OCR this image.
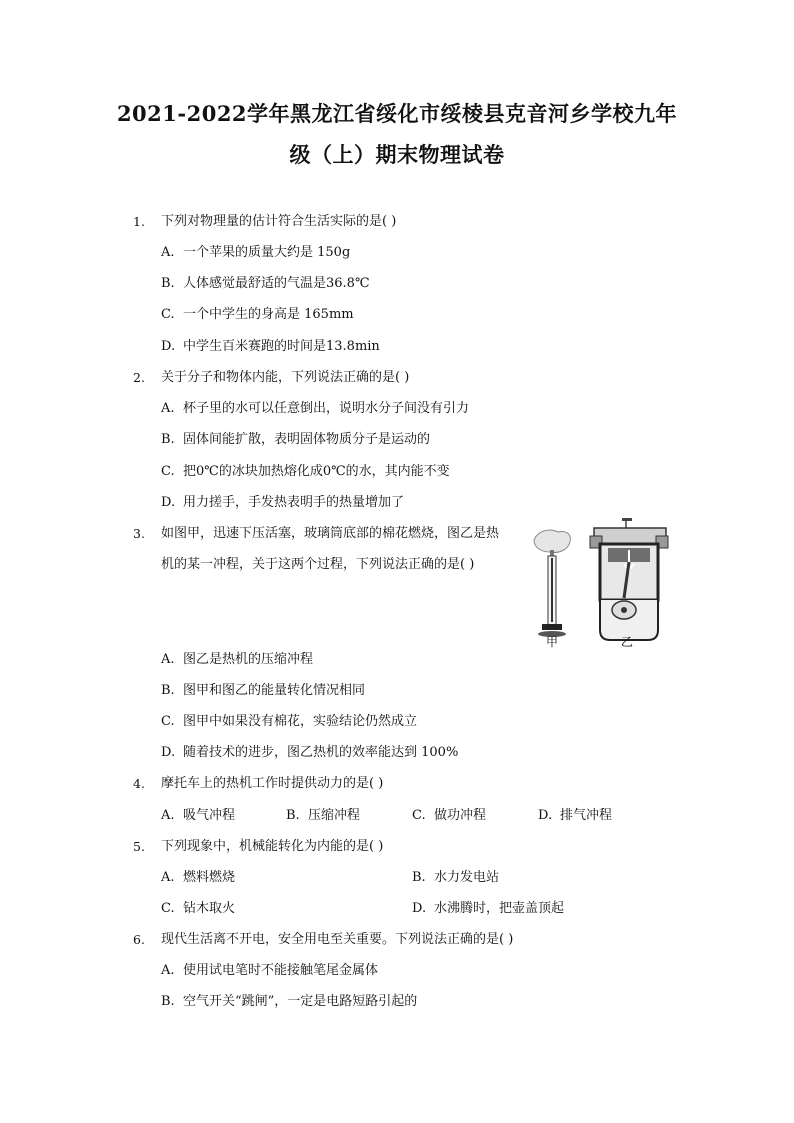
2021-2022学年黑龙江省绥化市绥棱县克音河乡学校九年
级（上）期末物理试卷
1. 下列对物理量的估计符合生活实际的是( )
A. 一个苹果的质量大约是 150g
B. 人体感觉最舒适的气温是36.8℃
C. 一个中学生的身高是 165mm
D. 中学生百米赛跑的时间是13.8min
2. 关于分子和物体内能，下列说法正确的是( )
A. 杯子里的水可以任意倒出，说明水分子间没有引力
B. 固体间能扩散，表明固体物质分子是运动的
C. 把0℃的冰块加热熔化成0℃的水，其内能不变
D. 用力搓手，手发热表明手的热量增加了
3. 如图甲，迅速下压活塞，玻璃筒底部的棉花燃烧，图乙是热
机的某一冲程，关于这两个过程，下列说法正确的是( )
甲	乙
A. 图乙是热机的压缩冲程
B. 图甲和图乙的能量转化情况相同
C. 图甲中如果没有棉花，实验结论仍然成立
D. 随着技术的进步，图乙热机的效率能达到 100%
4. 摩托车上的热机工作时提供动力的是( )
A. 吸气冲程	B. 压缩冲程	C. 做功冲程	D. 排气冲程
5. 下列现象中，机械能转化为内能的是( )
A. 燃料燃烧	B. 水力发电站
C. 钻木取火	D. 水沸腾时，把壶盖顶起
6. 现代生活离不开电，安全用电至关重要。下列说法正确的是( )
A. 使用试电笔时不能接触笔尾金属体
B. 空气开关“跳闸”，一定是电路短路引起的
